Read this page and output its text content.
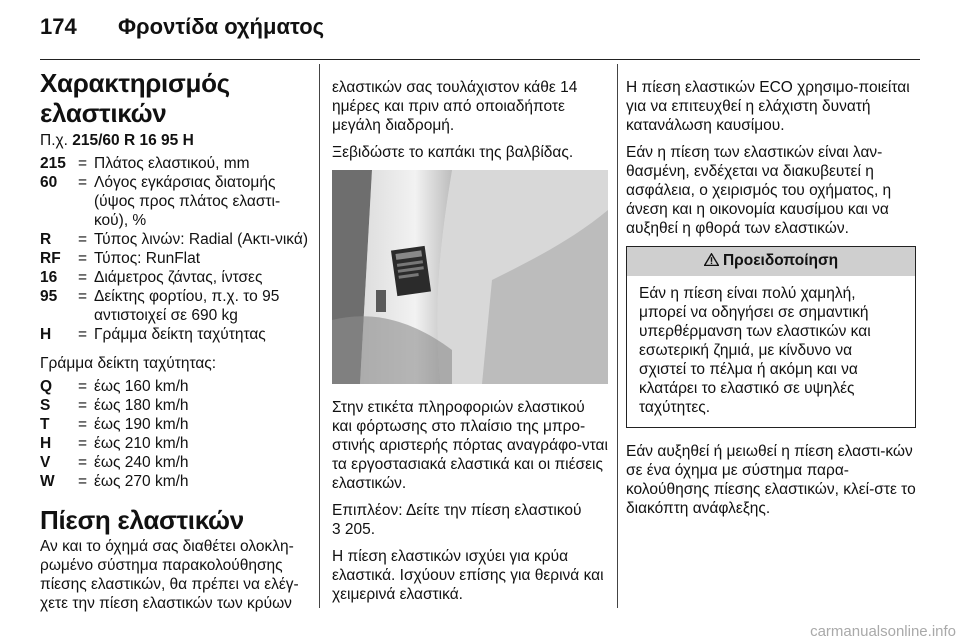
174 Φροντίδα οχήματος
Χαρακτηρισμός ελαστικών
Π.χ. 215/60 R 16 95 H
215	=	Πλάτος ελαστικού, mm
60	=	Λόγος εγκάρσιας διατομής (ύψος προς πλάτος ελαστι-κού), %
R	=	Τύπος λινών: Radial (Ακτι-νικά)
RF	=	Τύπος: RunFlat
16	=	Διάμετρος ζάντας, ίντσες
95	=	Δείκτης φορτίου, π.χ. το 95 αντιστοιχεί σε 690 kg
H	=	Γράμμα δείκτη ταχύτητας
Γράμμα δείκτη ταχύτητας:
Q	=	έως 160 km/h
S	=	έως 180 km/h
T	=	έως 190 km/h
H	=	έως 210 km/h
V	=	έως 240 km/h
W	=	έως 270 km/h
Πίεση ελαστικών

Αν και το όχημά σας διαθέτει ολοκλη-ρωμένο σύστημα παρακολούθησης πίεσης ελαστικών, θα πρέπει να ελέγ-χετε την πίεση ελαστικών των κρύων

ελαστικών σας τουλάχιστον κάθε 14 ημέρες και πριν από οποιαδήποτε μεγάλη διαδρομή.

Ξεβιδώστε το καπάκι της βαλβίδας.

Στην ετικέτα πληροφοριών ελαστικού και φόρτωσης στο πλαίσιο της μπρο-στινής αριστερής πόρτας αναγράφο-νται τα εργοστασιακά ελαστικά και οι πιέσεις ελαστικών.

Επιπλέον: Δείτε την πίεση ελαστικού
3 205.

Η πίεση ελαστικών ισχύει για κρύα ελαστικά. Ισχύουν επίσης για θερινά και χειμερινά ελαστικά.

Η πίεση ελαστικών ECO χρησιμο-ποιείται για να επιτευχθεί η ελάχιστη δυνατή κατανάλωση καυσίμου.

Εάν η πίεση των ελαστικών είναι λαν-θασμένη, ενδέχεται να διακυβευτεί η ασφάλεια, ο χειρισμός του οχήματος, η άνεση και η οικονομία καυσίμου και να αυξηθεί η φθορά των ελαστικών.

Προειδοποίηση
Εάν η πίεση είναι πολύ χαμηλή, μπορεί να οδηγήσει σε σημαντική υπερθέρμανση των ελαστικών και εσωτερική ζημιά, με κίνδυνο να σχιστεί το πέλμα ή ακόμη και να κλατάρει το ελαστικό σε υψηλές ταχύτητες.

Εάν αυξηθεί ή μειωθεί η πίεση ελαστι-κών σε ένα όχημα με σύστημα παρα-κολούθησης πίεσης ελαστικών, κλεί-στε το διακόπτη ανάφλεξης.

carmanualsonline.info
